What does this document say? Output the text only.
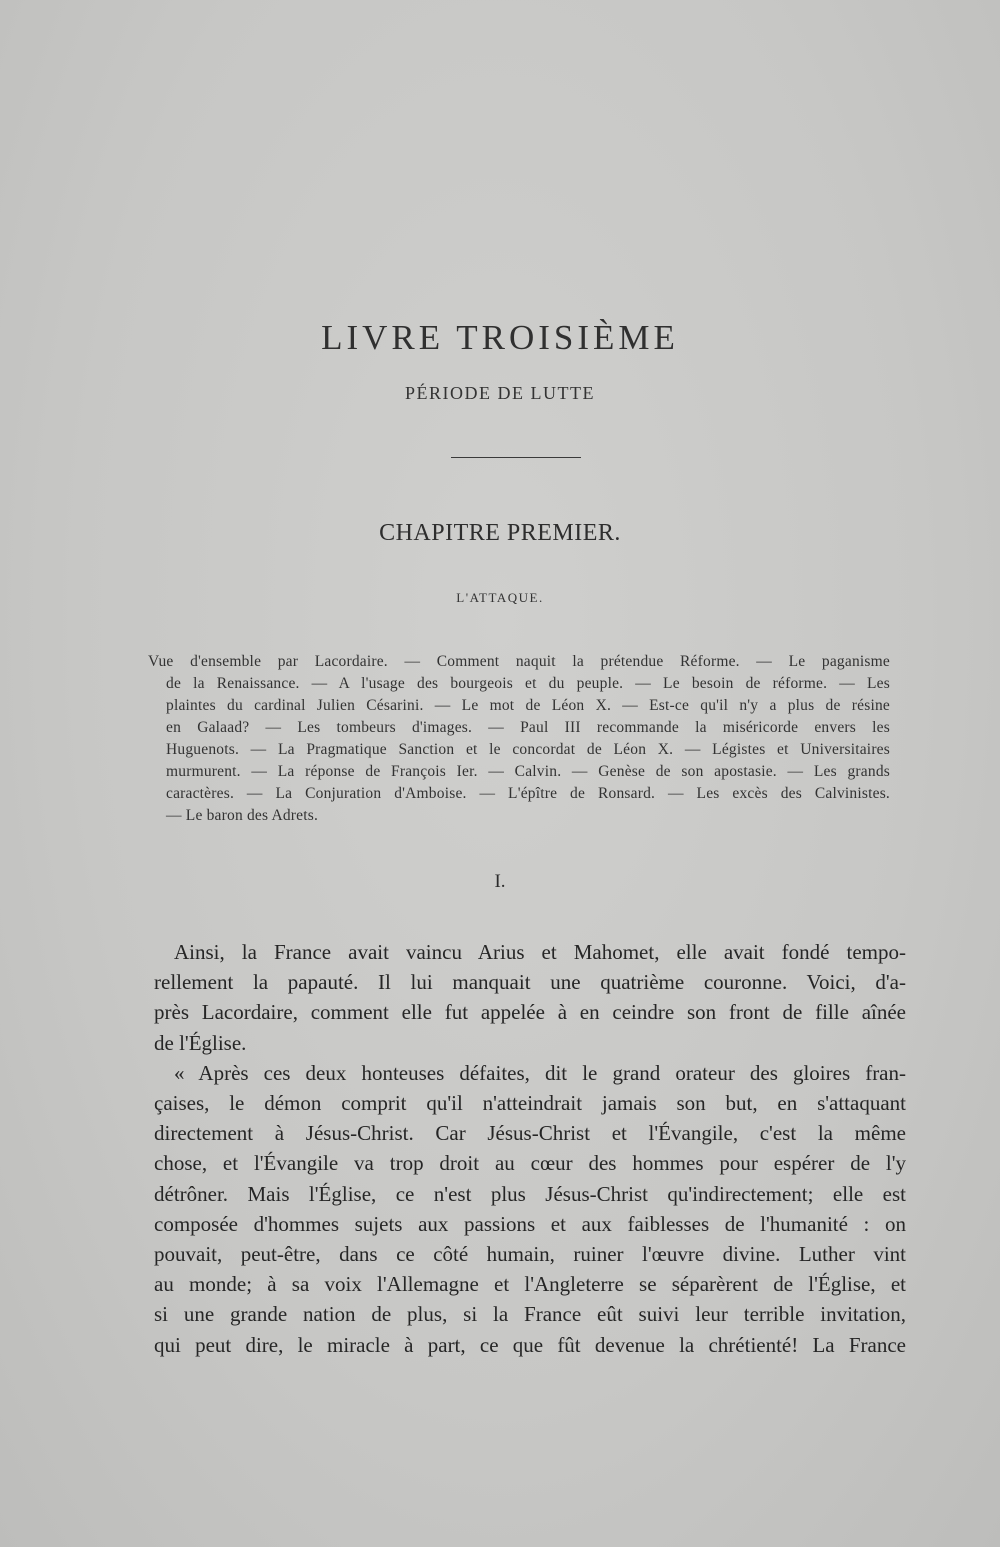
LIVRE TROISIÈME
PÉRIODE DE LUTTE
CHAPITRE PREMIER.
L'ATTAQUE.
Vue d'ensemble par Lacordaire. — Comment naquit la prétendue Réforme. — Le paganisme
de la Renaissance. — A l'usage des bourgeois et du peuple. — Le besoin de réforme. — Les
plaintes du cardinal Julien Césarini. — Le mot de Léon X. — Est-ce qu'il n'y a plus de résine
en Galaad? — Les tombeurs d'images. — Paul III recommande la miséricorde envers les
Huguenots. — La Pragmatique Sanction et le concordat de Léon X. — Légistes et Universitaires
murmurent. — La réponse de François Ier. — Calvin. — Genèse de son apostasie. — Les grands
caractères. — La Conjuration d'Amboise. — L'épître de Ronsard. — Les excès des Calvinistes.
— Le baron des Adrets.
I.
Ainsi, la France avait vaincu Arius et Mahomet, elle avait fondé tempo-
rellement la papauté. Il lui manquait une quatrième couronne. Voici, d'a-
près Lacordaire, comment elle fut appelée à en ceindre son front de fille aînée
de l'Église.
« Après ces deux honteuses défaites, dit le grand orateur des gloires fran-
çaises, le démon comprit qu'il n'atteindrait jamais son but, en s'attaquant
directement à Jésus-Christ. Car Jésus-Christ et l'Évangile, c'est la même
chose, et l'Évangile va trop droit au cœur des hommes pour espérer de l'y
détrôner. Mais l'Église, ce n'est plus Jésus-Christ qu'indirectement; elle est
composée d'hommes sujets aux passions et aux faiblesses de l'humanité : on
pouvait, peut-être, dans ce côté humain, ruiner l'œuvre divine. Luther vint
au monde; à sa voix l'Allemagne et l'Angleterre se séparèrent de l'Église, et
si une grande nation de plus, si la France eût suivi leur terrible invitation,
qui peut dire, le miracle à part, ce que fût devenue la chrétienté! La France
